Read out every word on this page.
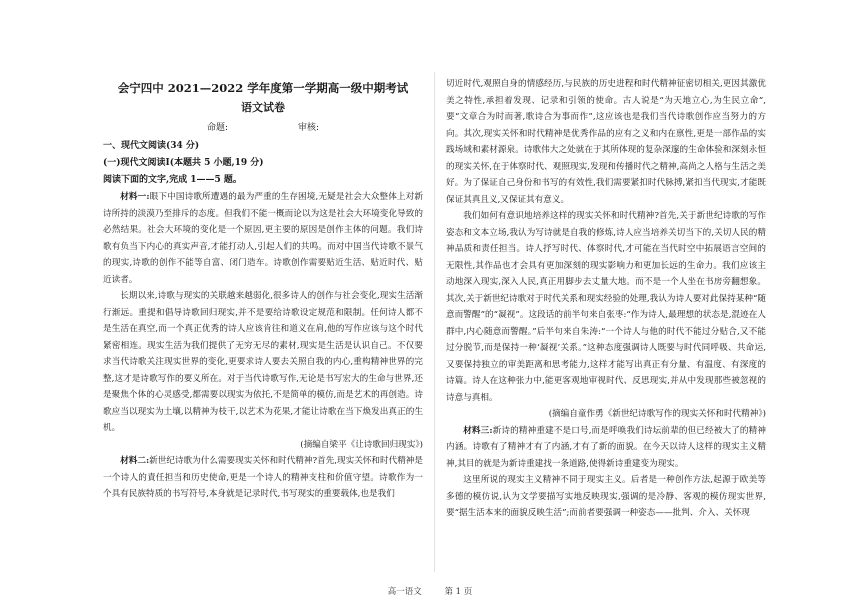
会宁四中 2021—2022 学年度第一学期高一级中期考试
语文试卷
命题:	审核:
一、现代文阅读(34 分)
(一)现代文阅读Ⅰ(本题共 5 小题,19 分)
阅读下面的文字,完成 1——5 题。

材料一:眼下中国诗歌所遭遇的最为严重的生存困境,无疑是社会大众整体上对新诗所持的淡漠乃至排斥的态度。但我们不能一概而论以为这是社会大环境变化导致的必然结果。社会大环境的变化是一个原因,更主要的原因是创作主体的问题。我们诗歌有负当下内心的真实声音,才能打动人,引起人们的共鸣。而对中国当代诗歌不景气的现实,诗歌的创作不能等自富、闭门造车。诗歌创作需要贴近生活、贴近时代、贴近读者。

长期以来,诗歌与现实的关联越来越弱化,很多诗人的创作与社会变化,现实生活渐行渐远。重提和倡导诗歌回归现实,并不是要给诗歌设定规范和限制。任何诗人都不是生活在真空,而一个真正优秀的诗人应该肯往和道义在肩,他的写作应该与这个时代紧密相连。现实生活为我们提供了无穷无尽的素材,现实是生活是认识自己。不仅要求当代诗歌关注现实世界的变化,更要求诗人要去关照自我的内心,重构精神世界的完整,这才是诗歌写作的要义所在。对于当代诗歌写作,无论是书写宏大的生命与世界,还是聚焦个体的心灵感受,都需要以现实为依托,不是简单的模仿,而是艺术的再创造。诗歌应当以现实为土壤,以精神为枝干,以艺术为花果,才能让诗歌在当下焕发出真正的生机。

(摘编自梁平《让诗歌回归现实》)

材料二:新世纪诗歌为什么需要现实关怀和时代精神?首先,现实关怀和时代精神是一个诗人的責任担当和历史使命,更是一个诗人的精神支柱和价值守望。诗歌作为一个具有民族特质的书写符号,本身就是记录时代,书写现实的重要载体,也是我们

切近时代,观照自身的情感经历,与民族的历史进程和时代精神征密切相关,更因其激优美之特性,承担着发现、记录和引领的使命。古人说是“为天地立心,为生民立命”,要“文章合为时而著,歌诗合为事而作”,这应该也是我们当代诗歌创作应当努力的方向。其次,现实关怀和时代精神是优秀作品的应有之义和内在禀性,更是一部作品的实践场域和素材源泉。诗歌伟大之处就在于其所体现的复杂深邃的生命体验和深刻永恒的现实关怀,在于体察时代、观照现实,发现和传播时代之精神,高尚之人格与生活之美好。为了保证自己身份和书写的有效性,我们需要紧扣时代脉搏,紧扣当代现实,才能既保证其真且义,又保证其有意义。

我们如何有意识地培养这样的现实关怀和时代精神?首先,关于新世纪诗歌的写作姿态和文本立场,我认为写诗就是自我的修炼,诗人应当培养关切当下的,关切人民的精神品质和责任担当。诗人抒写时代、体察时代,才可能在当代时空中拓展语言空间的无限性,其作品也才会具有更加深刻的现实影响力和更加长远的生命力。我们应该主动地深入现实,深入人民,真正用脚步去丈量大地。而不是一个人坐在书房旁翻想象。其次,关于新世纪诗歌对于时代关系和现实经验的处理,我认为诗人要对此保持某种“随意而警醒”的“凝视”。这段话的前半句来自张枣:“作为诗人,最理想的状态是,混迹在人群中,内心随意而警醒。”后半句来自朱涛:“一个诗人与他的时代不能过分贴合,又不能过分脱节,而是保持一种‘凝视’关系。”这种态度强调诗人既要与时代同呼吸、共命运,又要保持独立的审美距离和思考能力,这样才能写出真正有分量、有温度、有深度的诗篇。诗人在这种张力中,能更客观地审视时代、反思现实,并从中发现那些被忽视的诗意与真相。

(摘编自童作勇《新世纪诗歌写作的现实关怀和时代精神》)

材料三:新诗的精神重建不是口号,而是呼唤我们诗坛前辈的但已经被大了的精神内涵。诗歌有了精神才有了内涵,才有了新的面貌。在今天以诗人这样的现实主义精神,其目的就是为新诗重建找一条道路,使得新诗重建变为现实。

这里所说的现实主义精神不同于现实主义。后者是一种创作方法,起源于欧美等多德的模仿说,认为文学要描写实地反映现实,强调的是冷静、客观的模仿现实世界,要“据生活本来的面貌反映生活”;而前者要强调一种姿态——批判、介入、关怀现

高一语文	第 1 页
